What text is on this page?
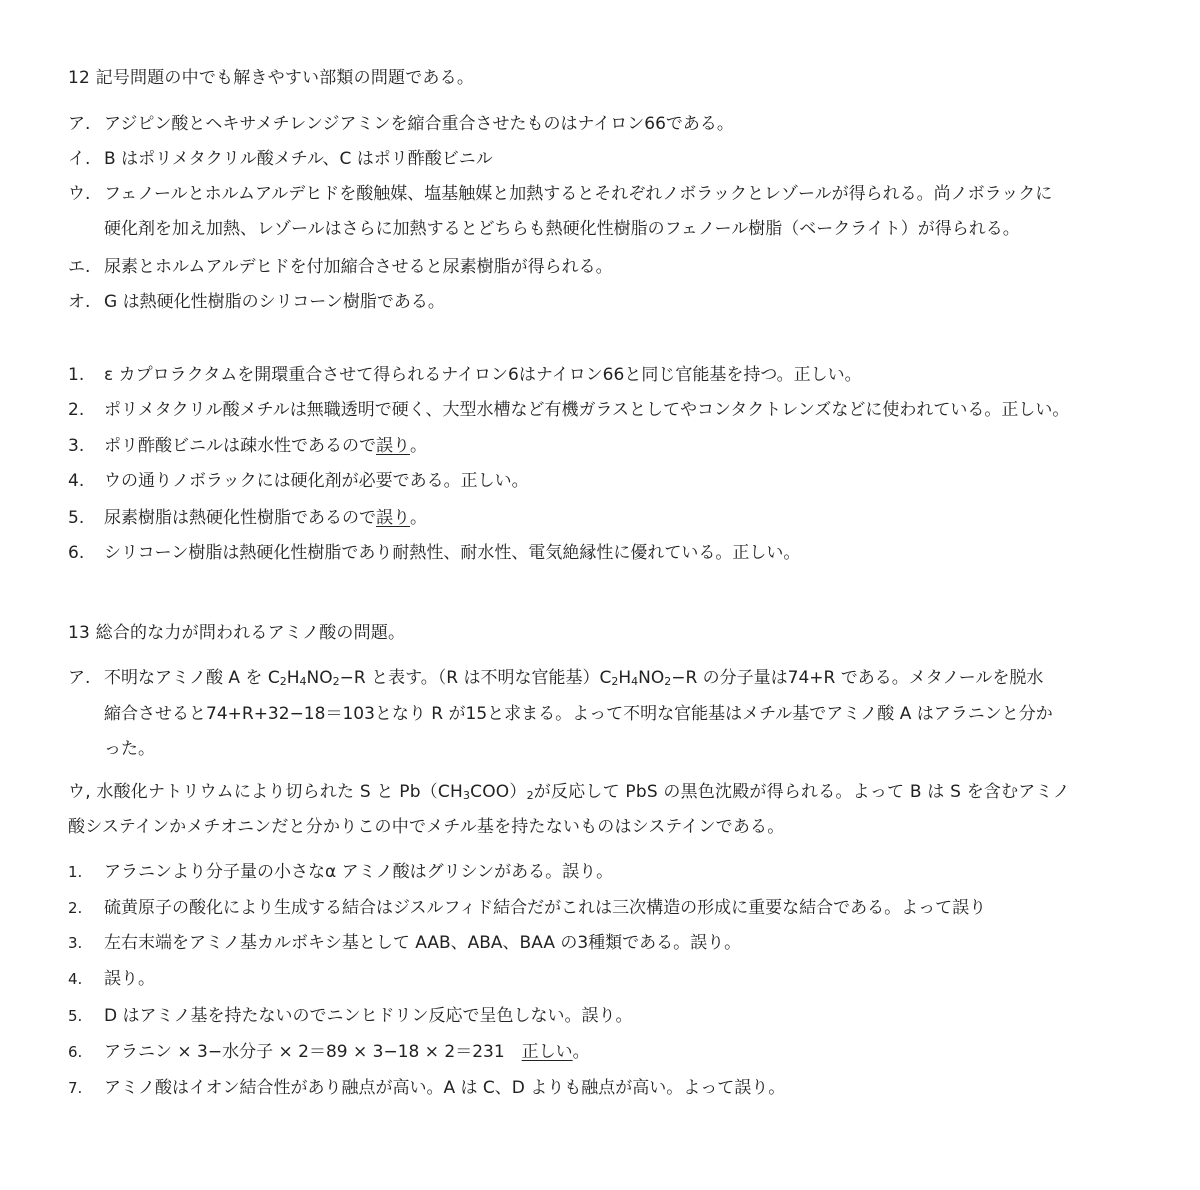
12 記号問題の中でも解きやすい部類の問題である。
ア. アジピン酸とヘキサメチレンジアミンを縮合重合させたものはナイロン66である。
イ. B はポリメタクリル酸メチル、C はポリ酢酸ビニル
ウ. フェノールとホルムアルデヒドを酸触媒、塩基触媒と加熱するとそれぞれノボラックとレゾールが得られる。尚ノボラックに
硬化剤を加え加熱、レゾールはさらに加熱するとどちらも熱硬化性樹脂のフェノール樹脂（ベークライト）が得られる。
エ. 尿素とホルムアルデヒドを付加縮合させると尿素樹脂が得られる。
オ. G は熱硬化性樹脂のシリコーン樹脂である。
1. ε カプロラクタムを開環重合させて得られるナイロン6はナイロン66と同じ官能基を持つ。正しい。
2. ポリメタクリル酸メチルは無職透明で硬く、大型水槽など有機ガラスとしてやコンタクトレンズなどに使われている。正しい。
3. ポリ酢酸ビニルは疎水性であるので誤り。
4. ウの通りノボラックには硬化剤が必要である。正しい。
5. 尿素樹脂は熱硬化性樹脂であるので誤り。
6. シリコーン樹脂は熱硬化性樹脂であり耐熱性、耐水性、電気絶縁性に優れている。正しい。
13 総合的な力が問われるアミノ酸の問題。
ア. 不明なアミノ酸 A を C2H4NO2−R と表す。（R は不明な官能基）C2H4NO2−R の分子量は74+R である。メタノールを脱水
縮合させると74+R+32−18＝103となり R が15と求まる。よって不明な官能基はメチル基でアミノ酸 A はアラニンと分か
った。
ウ, 水酸化ナトリウムにより切られた S と Pb（CH3COO）2が反応して PbS の黒色沈殿が得られる。よって B は S を含むアミノ
酸システインかメチオニンだと分かりこの中でメチル基を持たないものはシステインである。
1. アラニンより分子量の小さなα アミノ酸はグリシンがある。誤り。
2. 硫黄原子の酸化により生成する結合はジスルフィド結合だがこれは三次構造の形成に重要な結合である。よって誤り
3. 左右末端をアミノ基カルボキシ基として AAB、ABA、BAA の3種類である。誤り。
4. 誤り。
5. D はアミノ基を持たないのでニンヒドリン反応で呈色しない。誤り。
6. アラニン × 3−水分子 × 2＝89 × 3−18 × 2＝231　正しい。
7. アミノ酸はイオン結合性があり融点が高い。A は C、D よりも融点が高い。よって誤り。
